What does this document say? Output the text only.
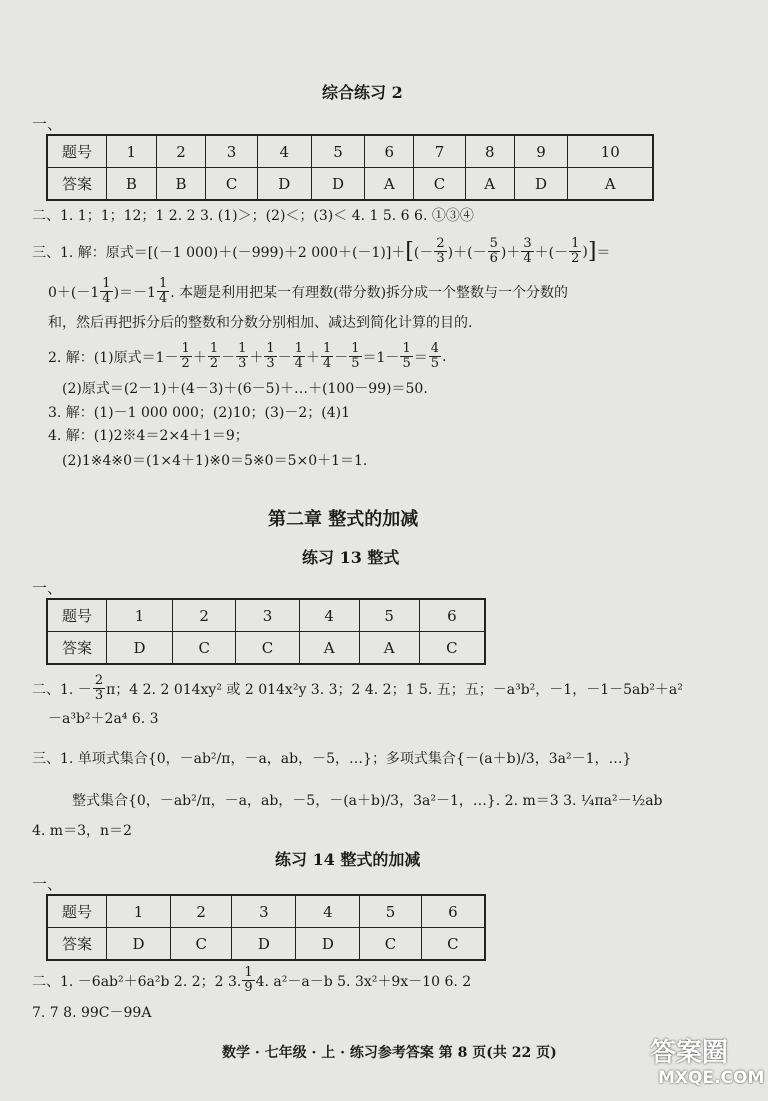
综合练习 2
一、
题号	1	2	3	4	5	6	7	8	9	10
答案	B	B	C	D	D	A	C	A	D	A
二、1. 1；1；12；1 2. 2 3. (1)＞；(2)＜；(3)＜ 4. 1 5. 6 6. ①③④
三、1. 解：原式＝[(－1 000)＋(－999)＋2 000＋(－1)]＋ [ (－ $\frac{2}{3}$ )＋(－ $\frac{5}{6}$ )＋ $\frac{3}{4}$ ＋(－ $\frac{1}{2}$ ) ] ＝
$0+(-1 \frac{1}{4} )=-1 \frac{1}{4}$ . 本题是利用把某一有理数(带分数)拆分成一个整数与一个分数的
和，然后再把拆分后的整数和分数分别相加、减达到简化计算的目的.
2. 解：(1)原式$=1- \frac{1}{2} + \frac{1}{2} - \frac{1}{3} + \frac{1}{3} - \frac{1}{4} + \frac{1}{4} - \frac{1}{5} =1- \frac{1}{5} = \frac{4}{5}$ .
(2)原式＝(2－1)＋(4－3)＋(6－5)＋…＋(100－99)＝50.
3. 解：(1)－1 000 000；(2)10；(3)－2；(4)1
4. 解：(1)2※4＝2×4＋1＝9；
(2)1※4※0＝(1×4＋1)※0＝5※0＝5×0＋1＝1.
第二章 整式的加减
练习 13 整式
一、
题号	1	2	3	4	5	6
答案	D	C	C	A	A	C
二、1. － $\frac{2}{3}$ π；4 2. 2 014xy² 或 2 014x²y 3. 3；2 4. 2；1 5. 五；五；－a³b²，－1，－1－5ab²＋a²
－a³b²＋2a⁴ 6. 3
三、1. 单项式集合{0，－ab²/π，－a，ab，－5，…}；多项式集合{－(a＋b)/3，3a²－1，…}
整式集合{0，－ab²/π，－a，ab，－5，－(a＋b)/3，3a²－1，…}. 2. m＝3 3. ¼πa²－½ab
4. m＝3，n＝2
练习 14 整式的加减
一、
题号	1	2	3	4	5	6
答案	D	C	D	D	C	C
二、1. －6ab²＋6a²b 2. 2；2 3. $\frac{1}{9} 4$. a²－a－b 5. 3x²＋9x－10 6. 2
7. 7 8. 99C－99A
数学 · 七年级 · 上 · 练习参考答案 第 8 页(共 22 页)	答案圈
MXQE.COM
